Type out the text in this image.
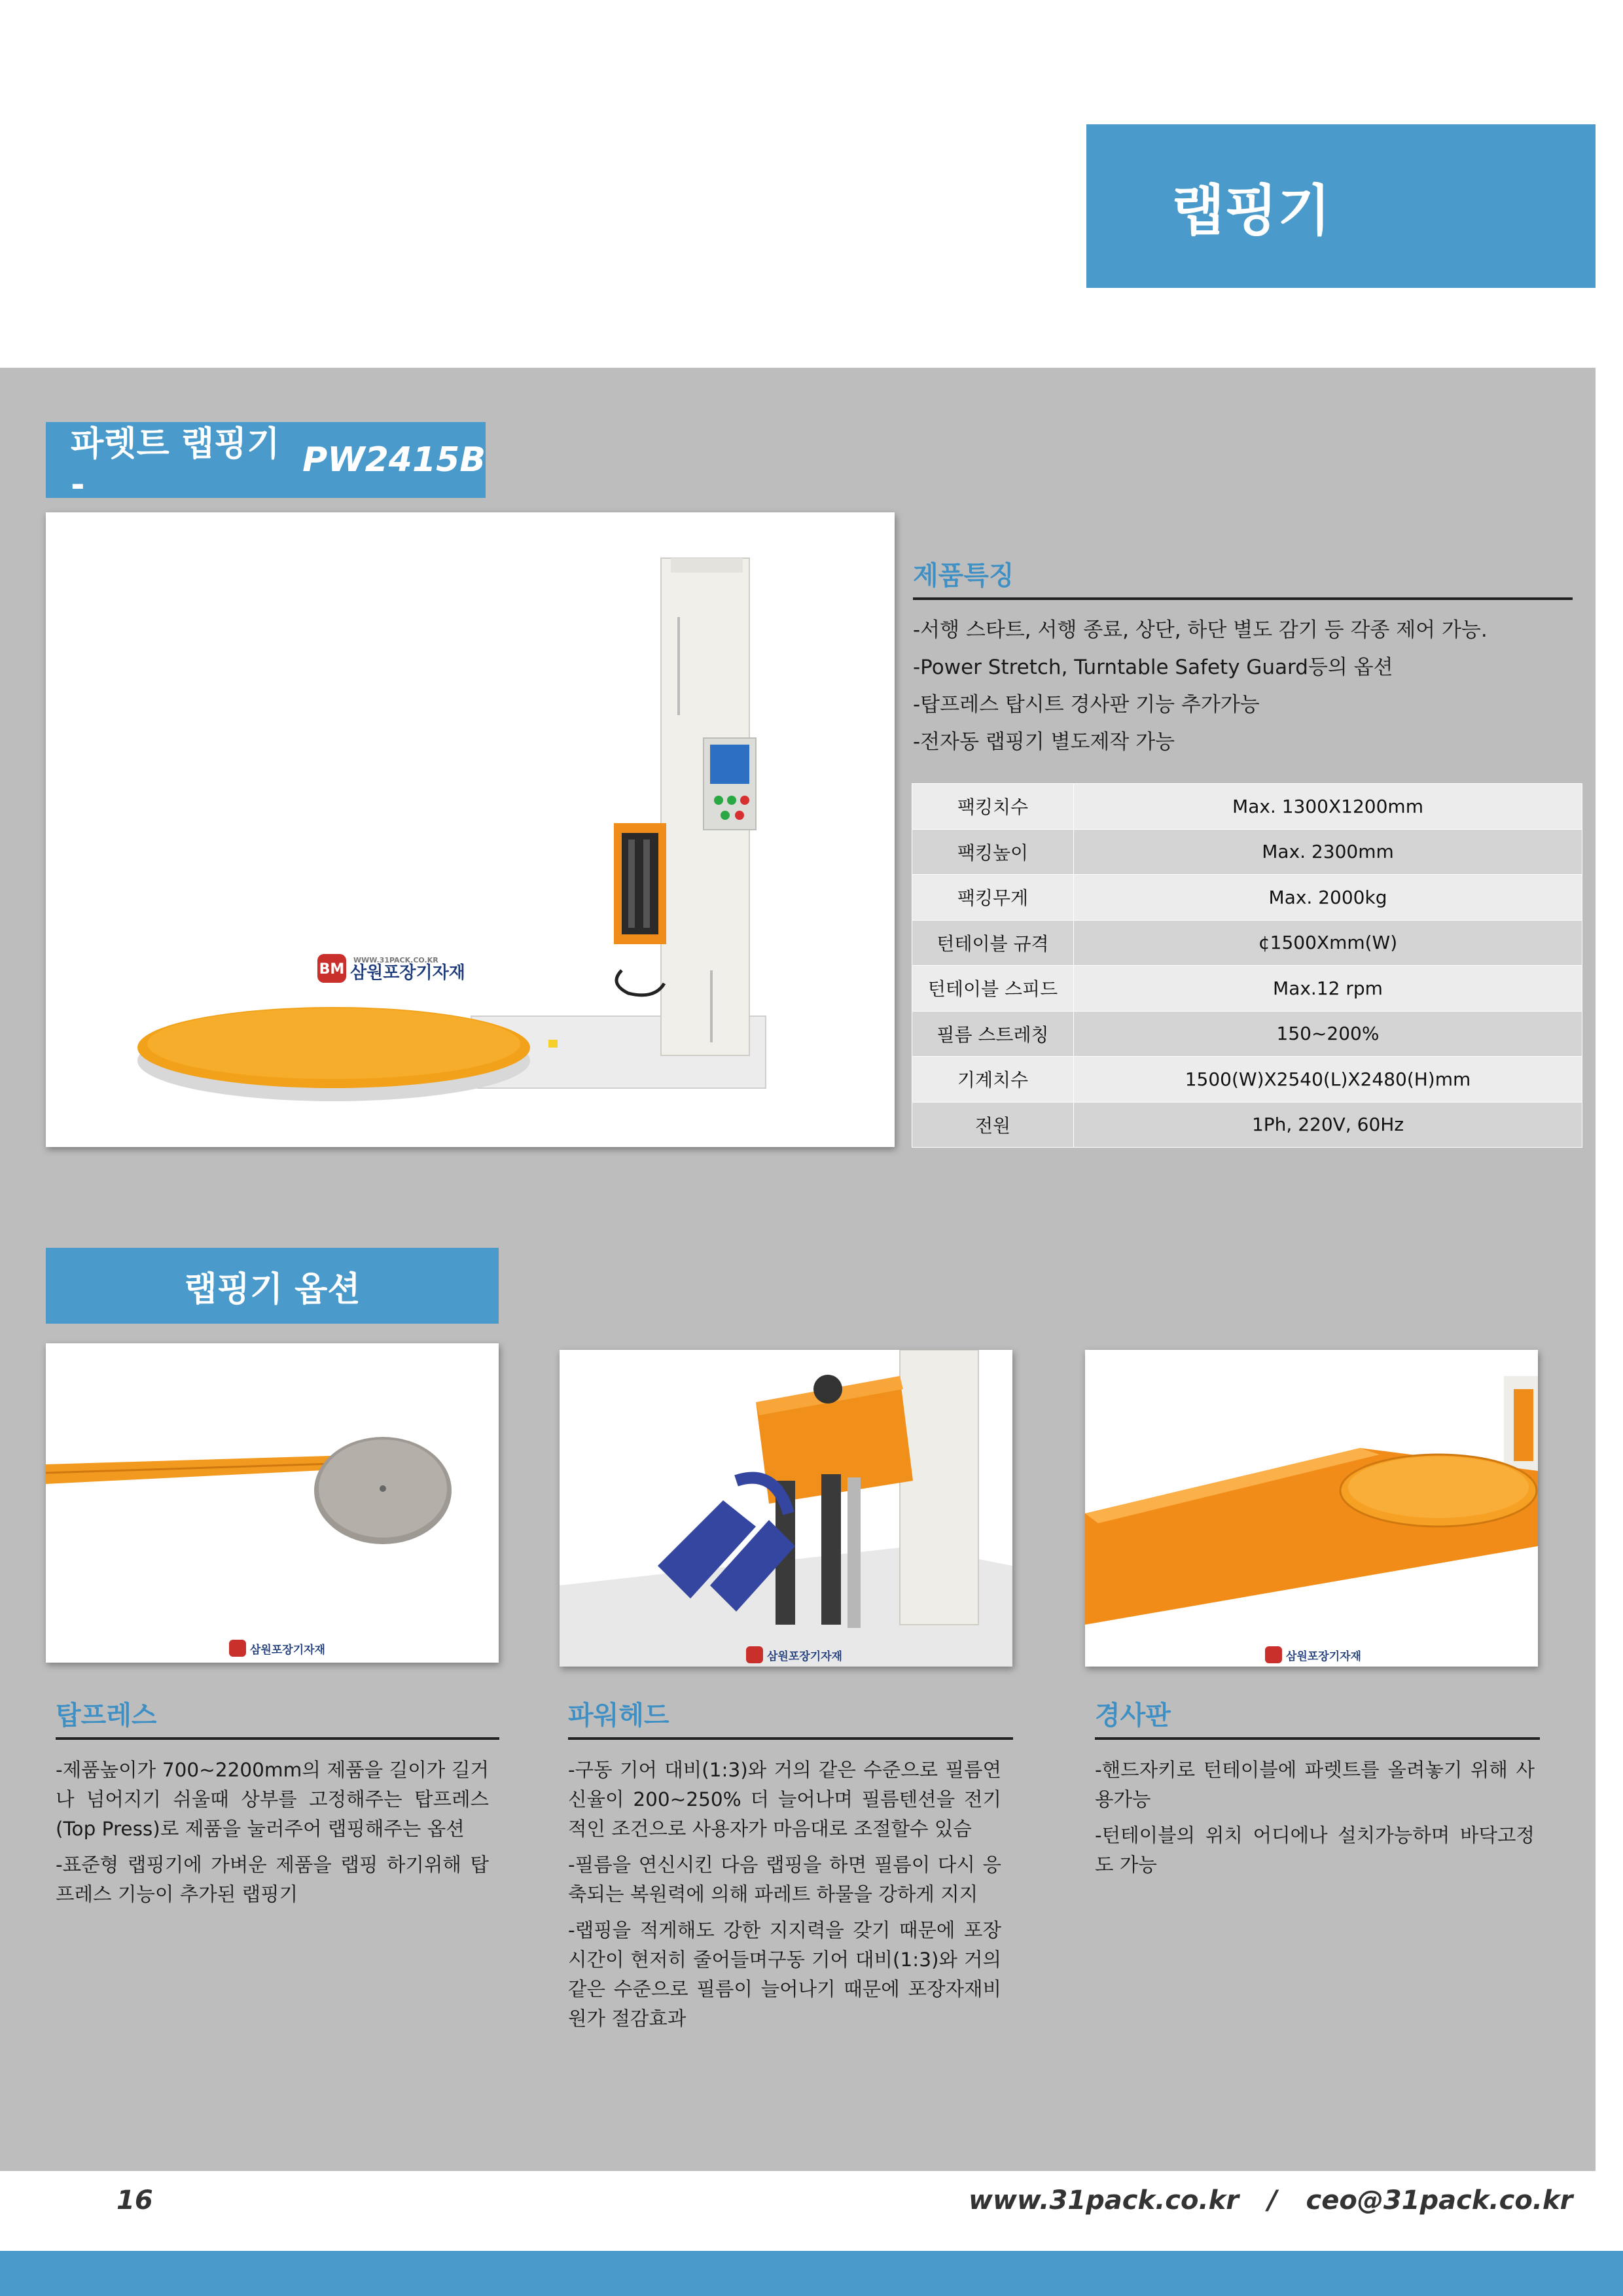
랩핑기
파렛트 랩핑기 -
PW2415B
WWW.31PACK.CO.KR
BM 삼원포장기자재
제품특징
-서행 스타트, 서행 종료, 상단, 하단 별도 감기 등 각종 제어 가능.
-Power Stretch, Turntable Safety Guard등의 옵션
-탑프레스 탑시트 경사판 기능 추가가능
-전자동 랩핑기 별도제작 가능
팩킹치수	Max. 1300X1200mm
팩킹높이	Max. 2300mm
팩킹무게	Max. 2000kg
턴테이블 규격	¢1500Xmm(W)
턴테이블 스피드	Max.12 rpm
필름 스트레칭	150~200%
기계치수	1500(W)X2540(L)X2480(H)mm
전원	1Ph, 220V, 60Hz
랩핑기 옵션
삼원포장기자재	삼원포장기자재	삼원포장기자재
탑프레스

-제품높이가 700~2200mm의 제품을 길이가 길거나 넘어지기 쉬울때 상부를 고정해주는 탑프레스(Top Press)로 제품을 눌러주어 랩핑해주는 옵션

-표준형 랩핑기에 가벼운 제품을 랩핑 하기위해 탑프레스 기능이 추가된 랩핑기

파워헤드

-구동 기어 대비(1:3)와 거의 같은 수준으로 필름연신율이 200~250% 더 늘어나며 필름텐션을 전기적인 조건으로 사용자가 마음대로 조절할수 있슴

-필름을 연신시킨 다음 랩핑을 하면 필름이 다시 응축되는 복원력에 의해 파레트 하물을 강하게 지지

-랩핑을 적게해도 강한 지지력을 갖기 때문에 포장시간이 현저히 줄어들며구동 기어 대비(1:3)와 거의 같은 수준으로 필름이 늘어나기 때문에 포장자재비원가 절감효과

경사판

-핸드자키로 턴테이블에 파렛트를 올려놓기 위해 사용가능

-턴테이블의 위치 어디에나 설치가능하며 바닥고정도 가능

16	www.31pack.co.kr / ceo@31pack.co.kr
